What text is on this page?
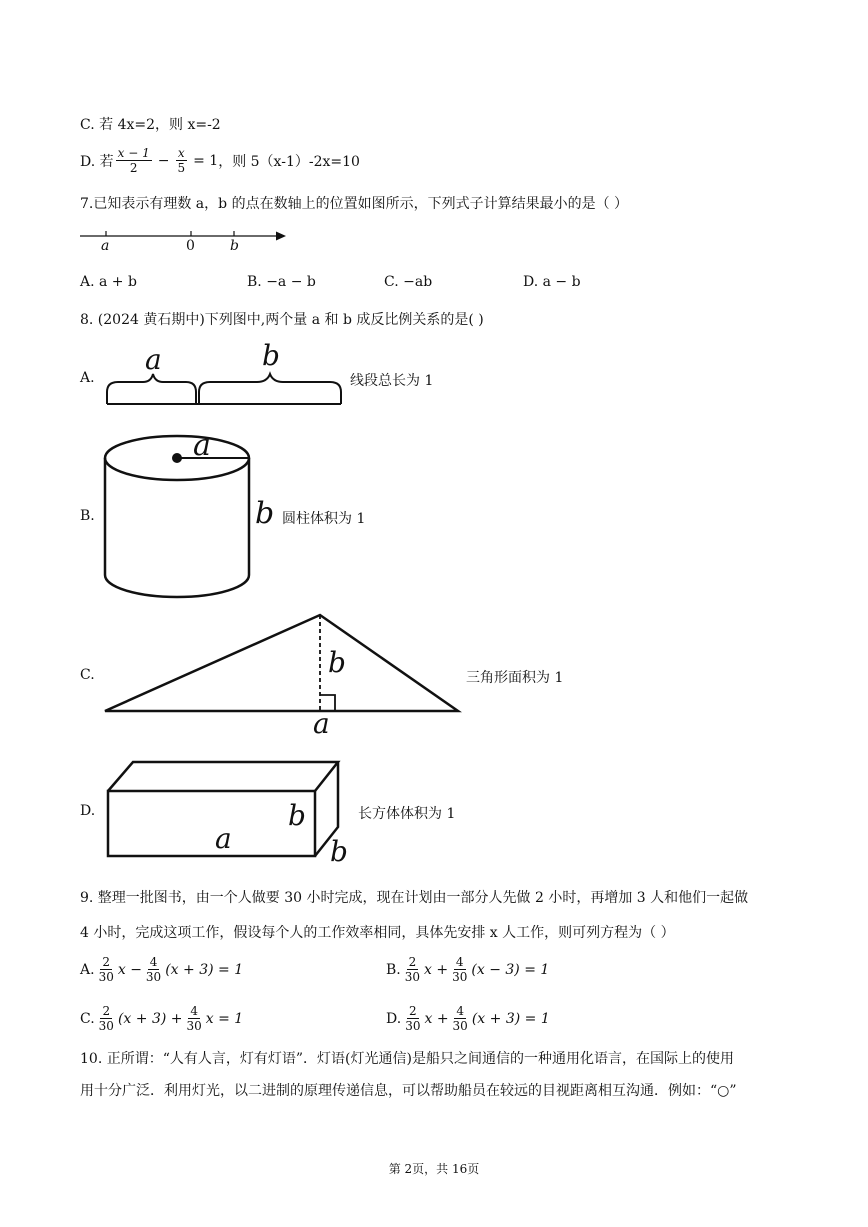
C. 若 4x=2，则 x=-2
D. 若 $\frac{x - 1}{2} - \frac{x}{5} = 1$ ，则 5（x-1）-2x=10
7.已知表示有理数 a，b 的点在数轴上的位置如图所示，下列式子计算结果最小的是（ ）
a	0	b
A. a + b	B. −a − b	C. −ab	D. a − b
8. (2024 黄石期中)下列图中,两个量 a 和 b 成反比例关系的是( )
A.
a	b
线段总长为 1
B.
a
b 圆柱体积为 1
C.	b
a
三角形面积为 1
D.
a
b
b
长方体体积为 1
9. 整理一批图书，由一个人做要 30 小时完成，现在计划由一部分人先做 2 小时，再增加 3 人和他们一起做
4 小时，完成这项工作，假设每个人的工作效率相同，具体先安排 x 人工作，则可列方程为（ ）
A. $\frac{2}{30}$ $x - \frac{4}{30} (x + 3) = 1$	B. $\frac{2}{30}$ $x + \frac{4}{30} (x - 3) = 1$
C. $\frac{2}{30} (x + 3) + \frac{4}{30}$ x = 1	D. $\frac{2}{30}$ $x + \frac{4}{30} (x + 3) = 1$
10. 正所谓：“人有人言，灯有灯语”．灯语(灯光通信)是船只之间通信的一种通用化语言，在国际上的使用
用十分广泛．利用灯光，以二进制的原理传递信息，可以帮助船员在较远的目视距离相互沟通．例如：“○”
第 2页，共 16页
